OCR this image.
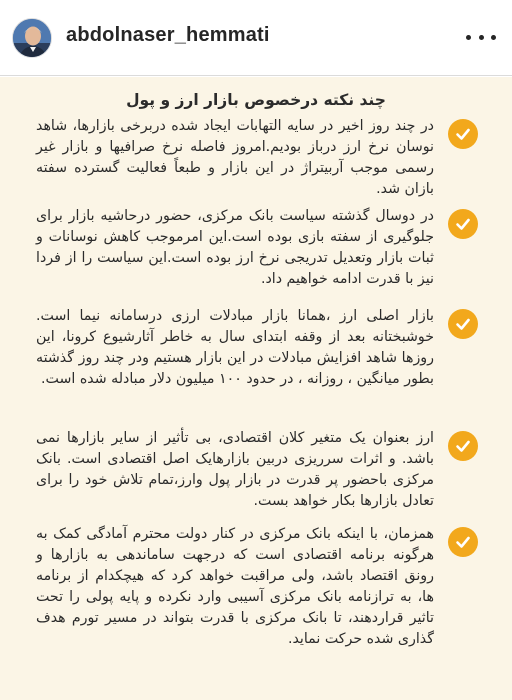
abdolnaser_hemmati
چند نکته درخصوص بازار ارز و پول
در چند روز اخیر در سایه التهابات ایجاد شده دربرخی بازارها، شاهد نوسان نرخ ارز درباز بودیم.امروز فاصله نرخ صرافیها و بازار غیر رسمی موجب آربیتراژ در این بازار و طبعاً فعالیت گسترده سفته بازان شد.
در دوسال گذشته سیاست بانک مرکزی، حضور درحاشیه بازار برای جلوگیری از سفته بازی بوده است.این امرموجب کاهش نوسانات و ثبات بازار وتعدیل تدریجی نرخ ارز بوده است.این سیاست را از فردا نیز با قدرت ادامه خواهیم داد.
بازار اصلی ارز ،همانا بازار مبادلات ارزی درسامانه نیما است. خوشبختانه بعد از وقفه ابتدای سال به خاطر آثارشیوع کرونا، این روزها شاهد افزایش مبادلات در این بازار هستیم ودر چند روز گذشته بطور میانگین ، روزانه ، در حدود ۱۰۰ میلیون دلار مبادله شده است.
ارز بعنوان یک متغیر کلان اقتصادی، بی تأثیر از سایر بازارها نمی باشد. و اثرات سرریزی دربین بازارهایک اصل اقتصادی است. بانک مرکزی باحضور پر قدرت در بازار پول وارز،تمام تلاش خود را برای تعادل بازارها بکار خواهد بست.
همزمان، با اینکه بانک مرکزی در کنار دولت محترم آمادگی کمک به هرگونه برنامه اقتصادی است که درجهت ساماندهی به بازارها و رونق اقتصاد باشد، ولی مراقبت خواهد کرد که هیچکدام از برنامه ها، به ترازنامه بانک مرکزی آسیبی وارد نکرده و پایه پولی را تحت تاثیر قراردهند، تا بانک مرکزی با قدرت بتواند در مسیر تورم هدف گذاری شده حرکت نماید.
